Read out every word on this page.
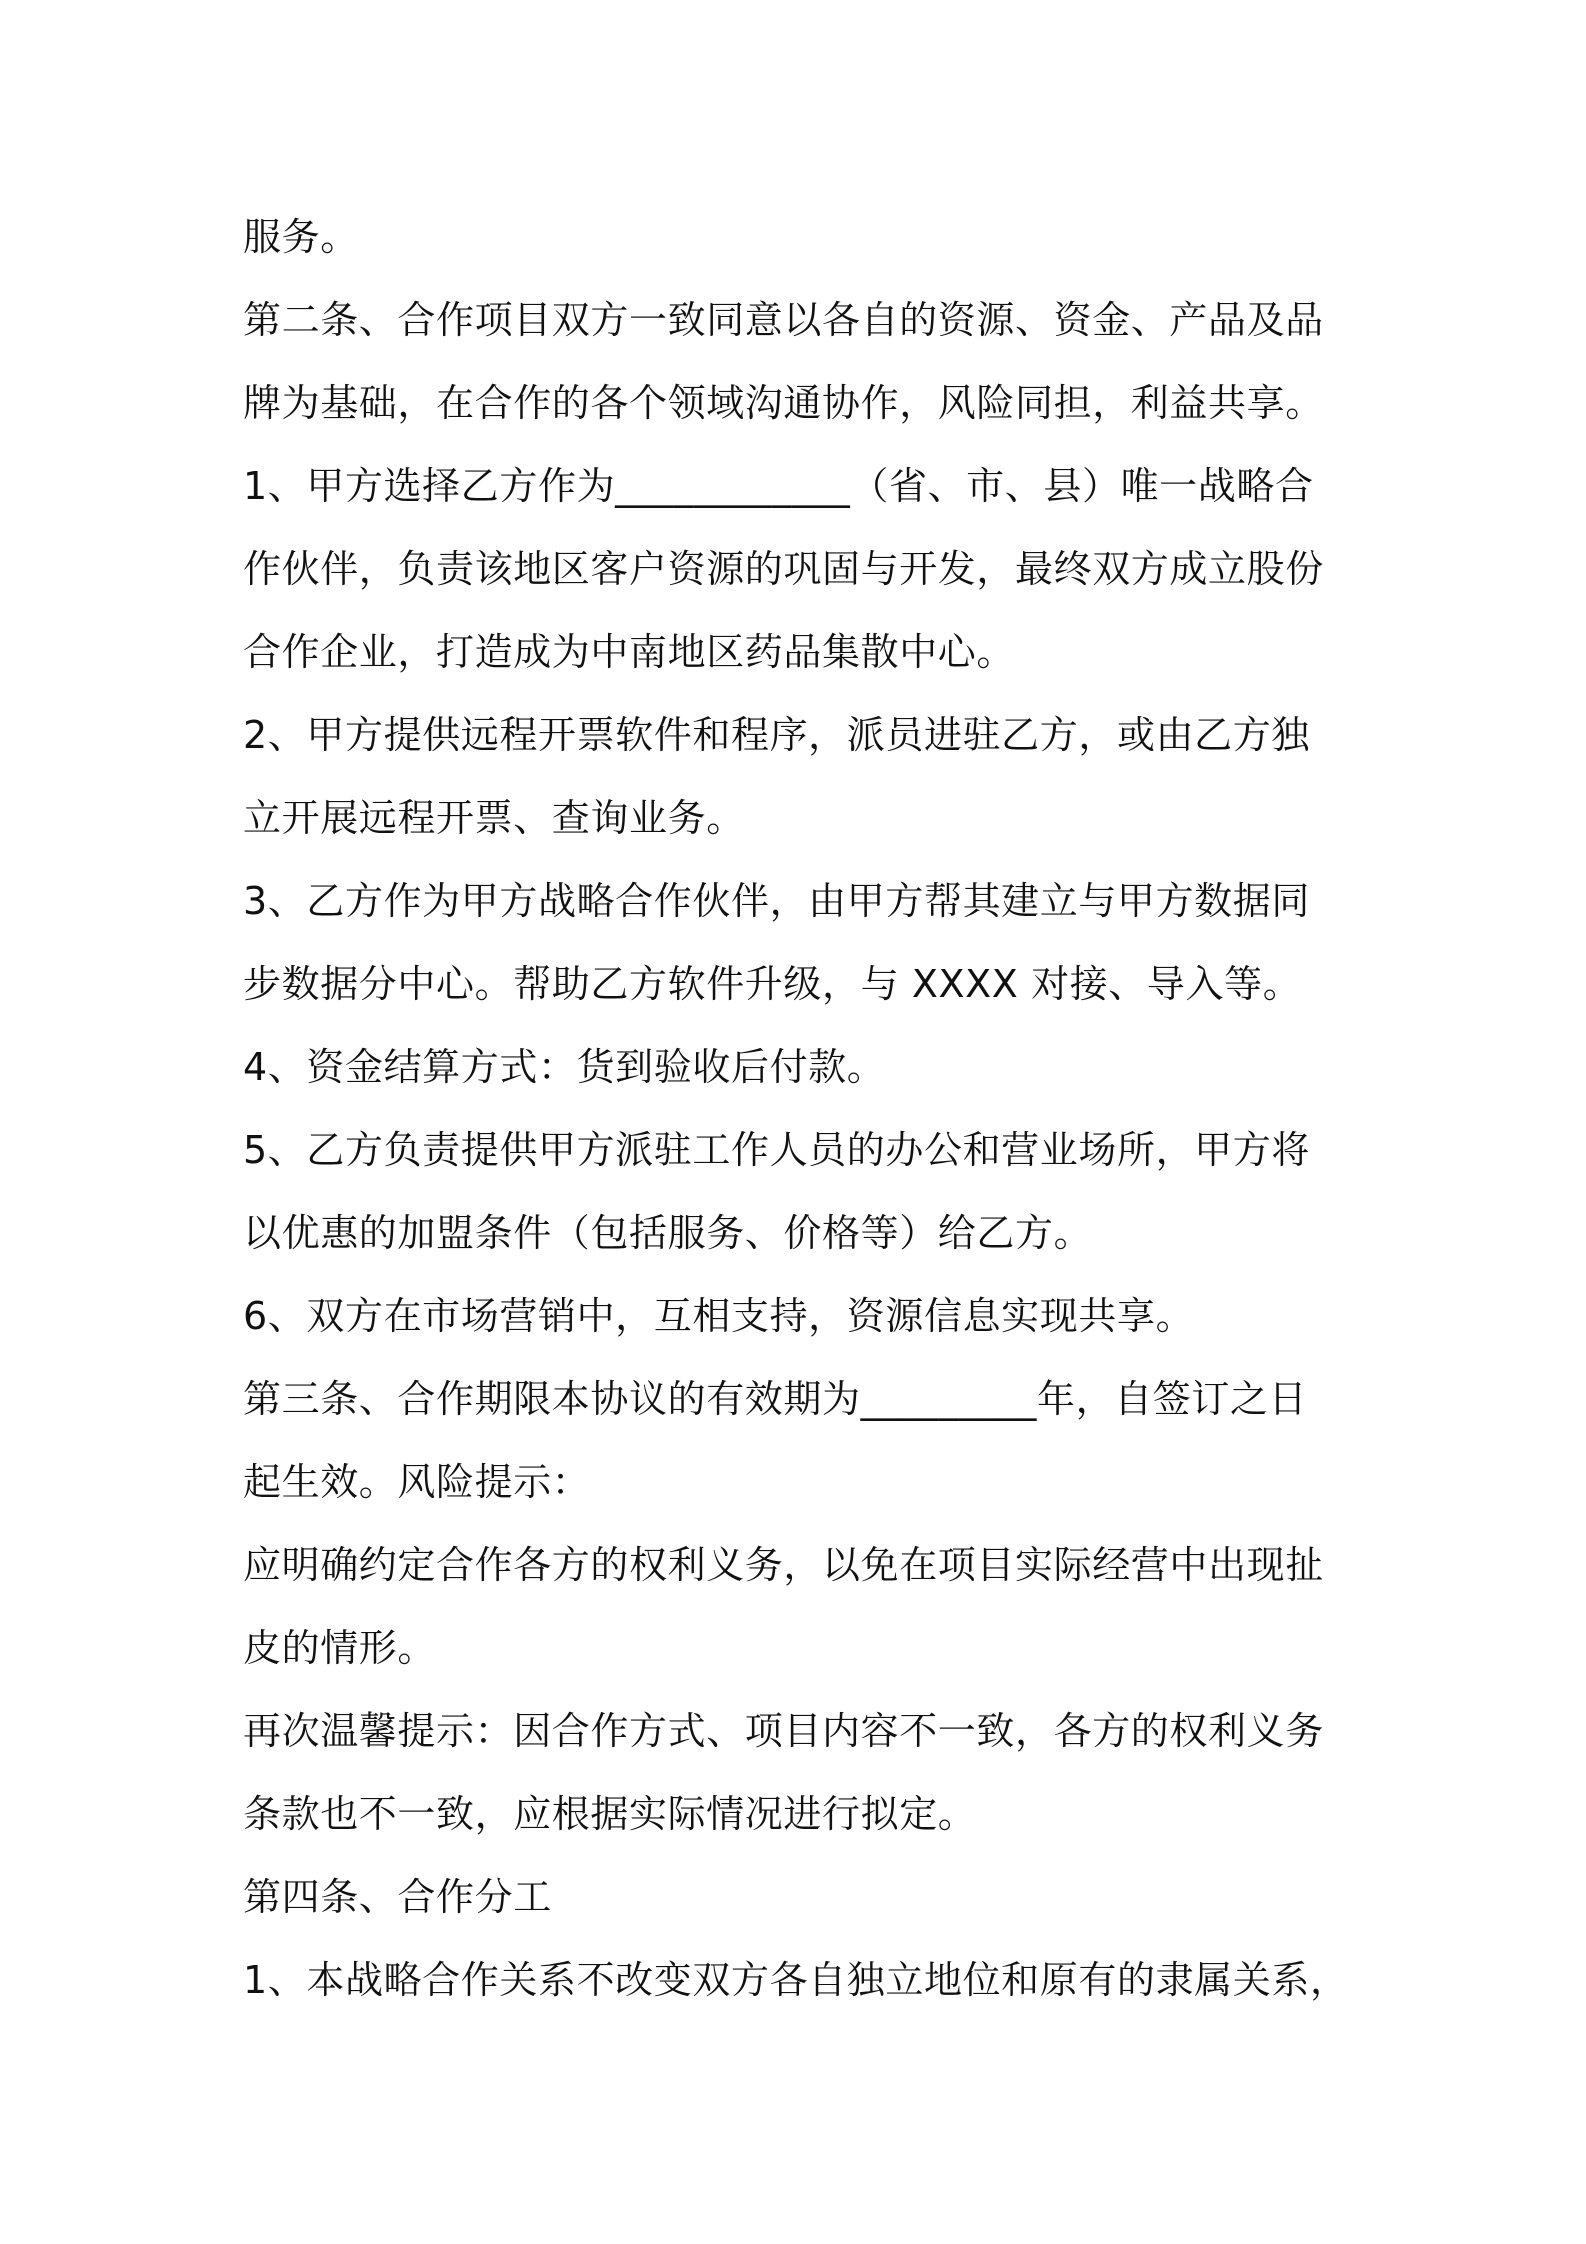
服务。
第二条、合作项目双方一致同意以各自的资源、资金、产品及品
牌为基础，在合作的各个领域沟通协作，风险同担，利益共享。
1、甲方选择乙方作为____________（省、市、县）唯一战略合
作伙伴，负责该地区客户资源的巩固与开发，最终双方成立股份
合作企业，打造成为中南地区药品集散中心。
2、甲方提供远程开票软件和程序，派员进驻乙方，或由乙方独
立开展远程开票、查询业务。
3、乙方作为甲方战略合作伙伴，由甲方帮其建立与甲方数据同
步数据分中心。帮助乙方软件升级，与 XXXX 对接、导入等。
4、资金结算方式：货到验收后付款。
5、乙方负责提供甲方派驻工作人员的办公和营业场所，甲方将
以优惠的加盟条件（包括服务、价格等）给乙方。
6、双方在市场营销中，互相支持，资源信息实现共享。
第三条、合作期限本协议的有效期为_________年，自签订之日
起生效。风险提示：
应明确约定合作各方的权利义务，以免在项目实际经营中出现扯
皮的情形。
再次温馨提示：因合作方式、项目内容不一致，各方的权利义务
条款也不一致，应根据实际情况进行拟定。
第四条、合作分工
1、本战略合作关系不改变双方各自独立地位和原有的隶属关系，
